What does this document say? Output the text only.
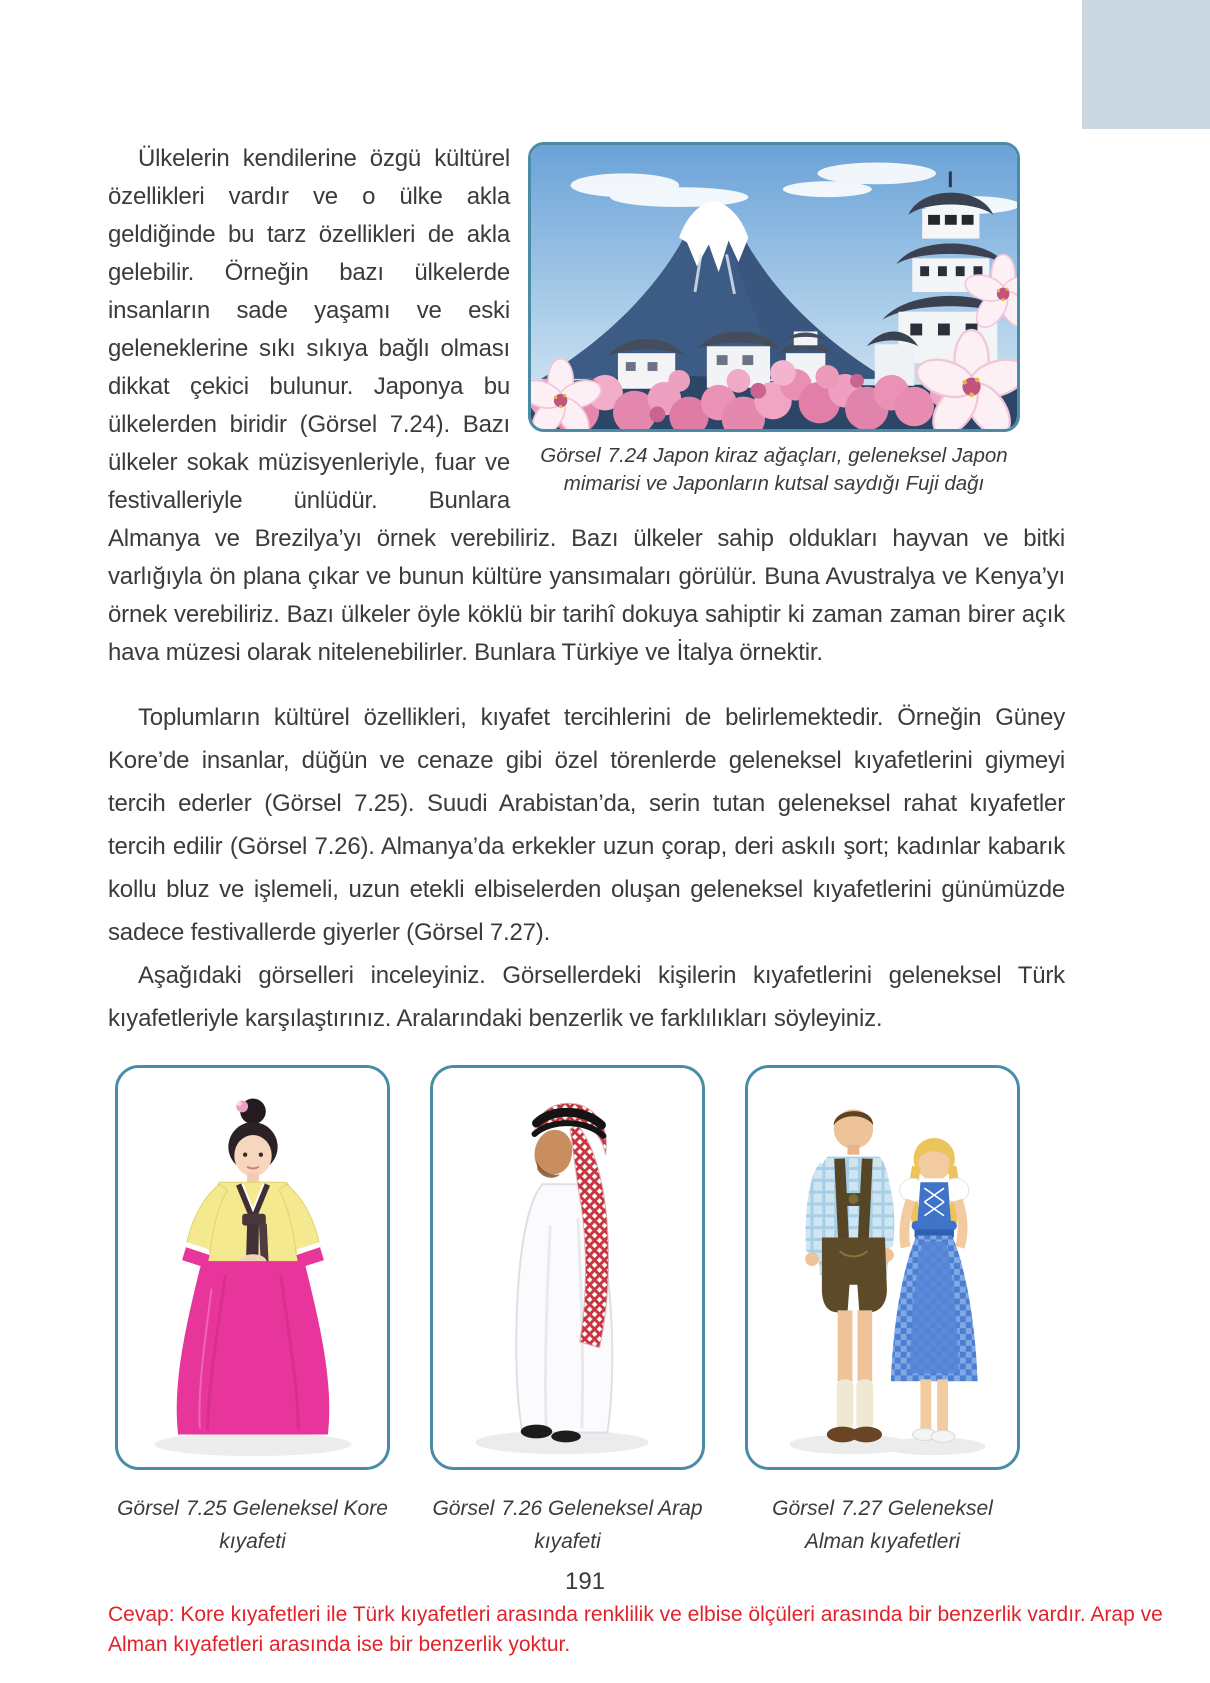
Görsel 7.24 Japon kiraz ağaçları, geleneksel Japon mimarisi ve Japonların kutsal saydığı Fuji dağı
Ülkelerin kendilerine özgü kültürel özellikleri vardır ve o ülke akla geldiğinde bu tarz özellikleri de akla gelebilir. Örneğin bazı ülkelerde insanların sade yaşamı ve eski geleneklerine sıkı sıkıya bağlı olması dikkat çekici bulunur. Japonya bu ülkelerden biridir (Görsel 7.24). Bazı ülkeler sokak müzisyenleriyle, fuar ve festivalleriyle ünlüdür. Bunlara Almanya ve Brezilya’yı örnek verebiliriz. Bazı ülkeler sahip oldukları hayvan ve bitki varlığıyla ön plana çıkar ve bunun kültüre yansımaları görülür. Buna Avustralya ve Kenya’yı örnek verebiliriz. Bazı ülkeler öyle köklü bir tarihî dokuya sahiptir ki zaman zaman birer açık hava müzesi olarak nitelenebilirler. Bunlara Türkiye ve İtalya örnektir.
Toplumların kültürel özellikleri, kıyafet tercihlerini de belirlemektedir. Örneğin Güney Kore’de insanlar, düğün ve cenaze gibi özel törenlerde geleneksel kıyafetlerini giymeyi tercih ederler (Görsel 7.25). Suudi Arabistan’da, serin tutan geleneksel rahat kıyafetler tercih edilir (Görsel 7.26). Almanya’da erkekler uzun çorap, deri askılı şort; kadınlar kabarık kollu bluz ve işlemeli, uzun etekli elbiselerden oluşan geleneksel kıyafetlerini günümüzde sadece festivallerde giyerler (Görsel 7.27).
Aşağıdaki görselleri inceleyiniz. Görsellerdeki kişilerin kıyafetlerini geleneksel Türk kıyafetleriyle karşılaştırınız. Aralarındaki benzerlik ve farklılıkları söyleyiniz.
Görsel 7.25 Geleneksel Kore kıyafeti
Görsel 7.26 Geleneksel Arap kıyafeti
Görsel 7.27 Geleneksel Alman kıyafetleri
191
Cevap: Kore kıyafetleri ile Türk kıyafetleri arasında renklilik ve elbise ölçüleri arasında bir benzerlik vardır. Arap ve Alman kıyafetleri arasında ise bir benzerlik yoktur.
